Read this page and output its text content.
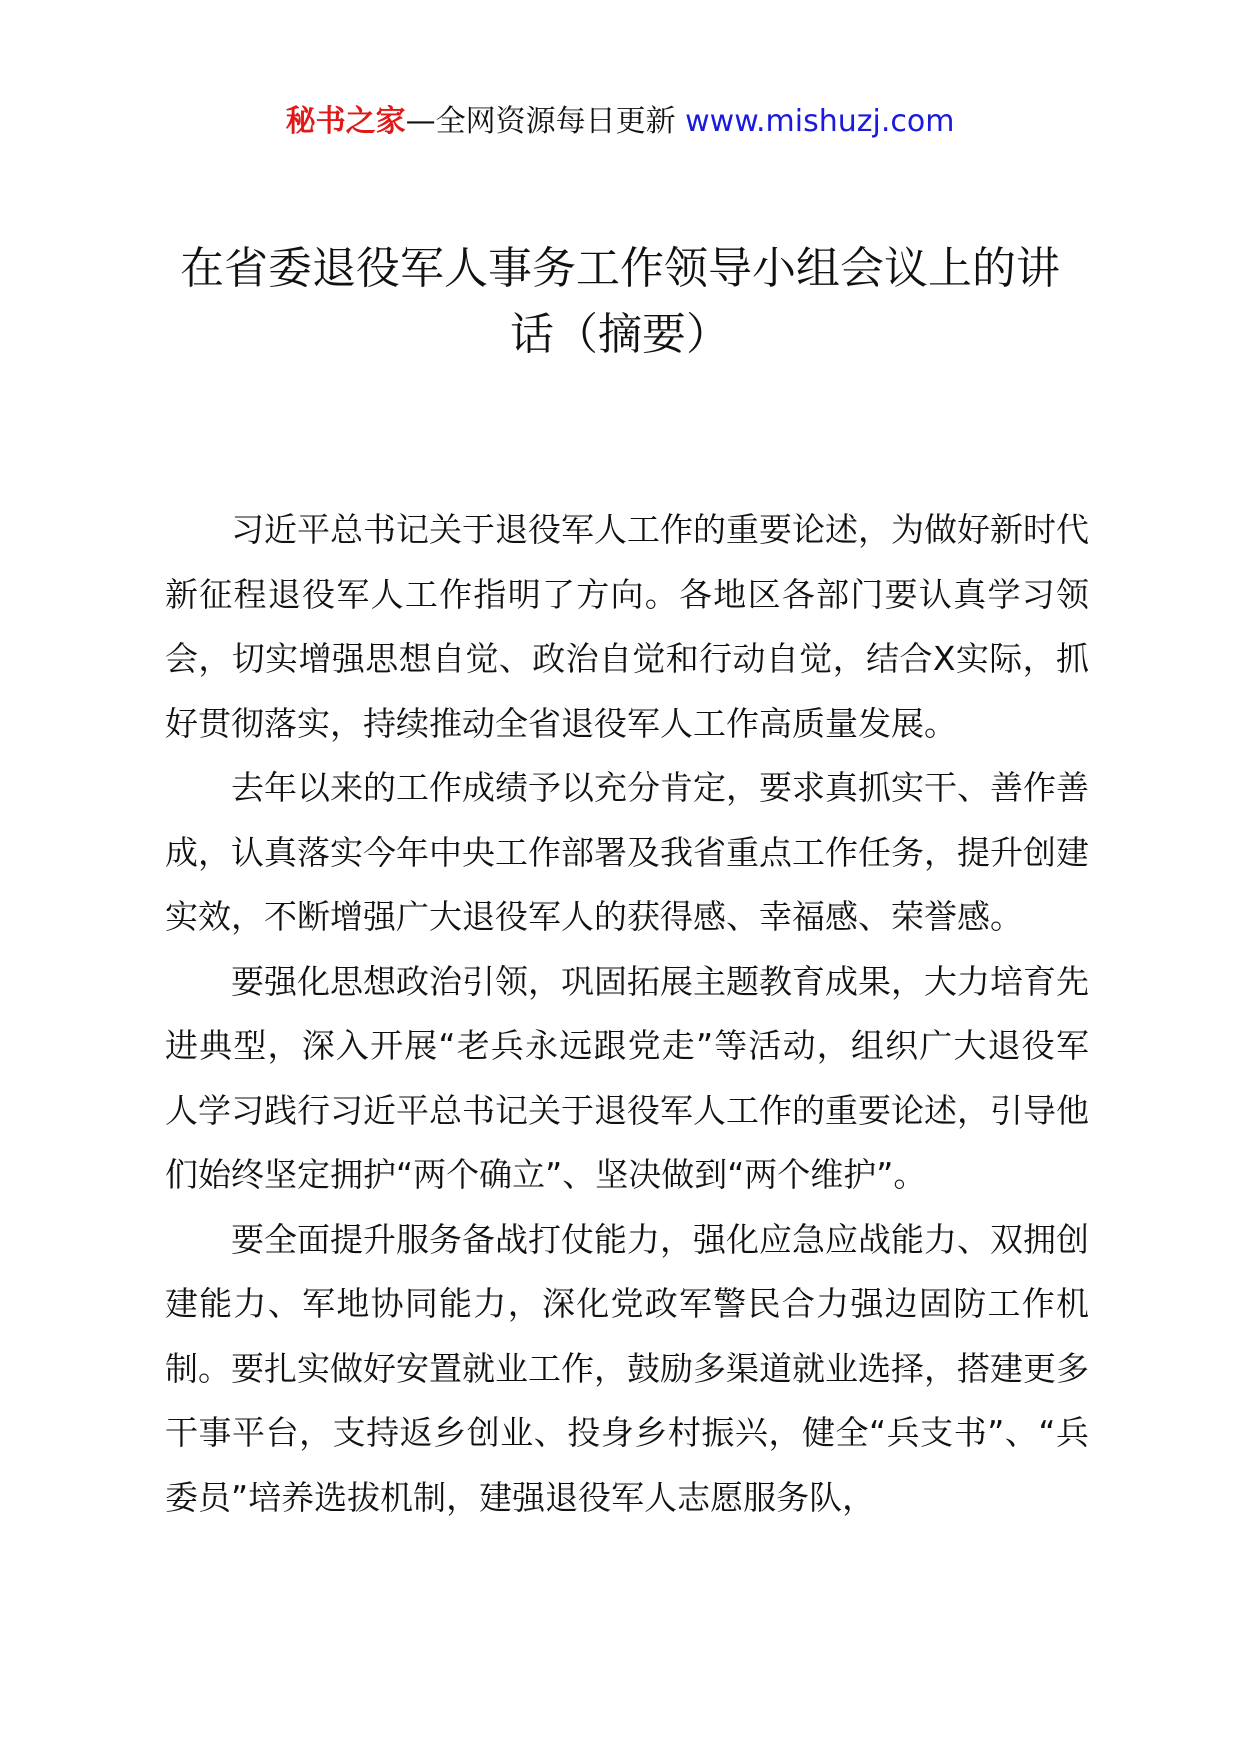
秘书之家—全网资源每日更新 www.mishuzj.com
在省委退役军人事务工作领导小组会议上的讲话（摘要）

习近平总书记关于退役军人工作的重要论述，为做好新时代新征程退役军人工作指明了方向。各地区各部门要认真学习领会，切实增强思想自觉、政治自觉和行动自觉，结合X实际，抓好贯彻落实，持续推动全省退役军人工作高质量发展。

去年以来的工作成绩予以充分肯定，要求真抓实干、善作善成，认真落实今年中央工作部署及我省重点工作任务，提升创建实效，不断增强广大退役军人的获得感、幸福感、荣誉感。

要强化思想政治引领，巩固拓展主题教育成果，大力培育先进典型，深入开展“老兵永远跟党走”等活动，组织广大退役军人学习践行习近平总书记关于退役军人工作的重要论述，引导他们始终坚定拥护“两个确立”、坚决做到“两个维护”。

要全面提升服务备战打仗能力，强化应急应战能力、双拥创建能力、军地协同能力，深化党政军警民合力强边固防工作机制。要扎实做好安置就业工作，鼓励多渠道就业选择，搭建更多干事平台，支持返乡创业、投身乡村振兴，健全“兵支书”、“兵委员”培养选拔机制，建强退役军人志愿服务队，
